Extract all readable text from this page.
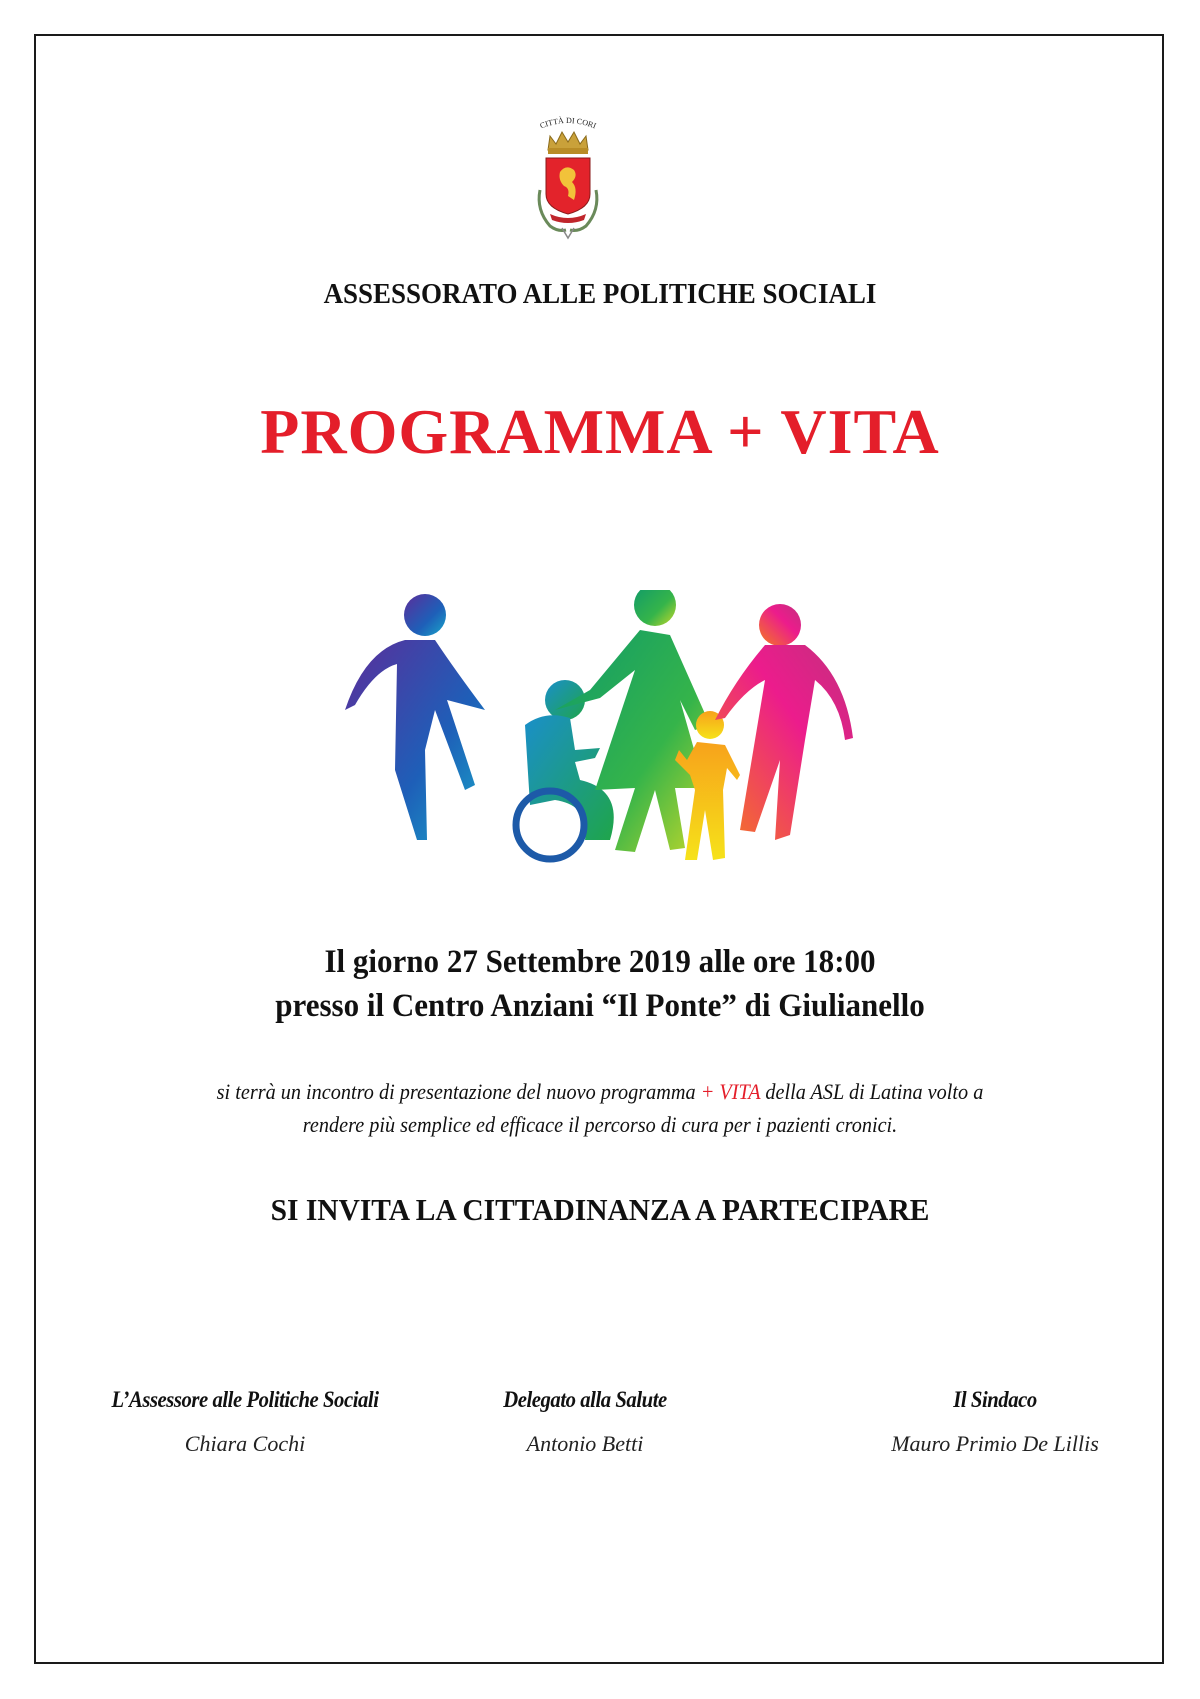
CITTÀ DI CORI
ASSESSORATO ALLE POLITICHE SOCIALI
PROGRAMMA + VITA
Il giorno 27 Settembre 2019 alle ore 18:00
presso il Centro Anziani “Il Ponte” di Giulianello
si terrà un incontro di presentazione del nuovo programma + VITA della ASL di Latina volto a
rendere più semplice ed efficace il percorso di cura per i pazienti cronici.
SI INVITA LA CITTADINANZA A PARTECIPARE
L’Assessore alle Politiche Sociali
Chiara Cochi
Delegato alla Salute
Antonio Betti
Il Sindaco
Mauro Primio De Lillis
